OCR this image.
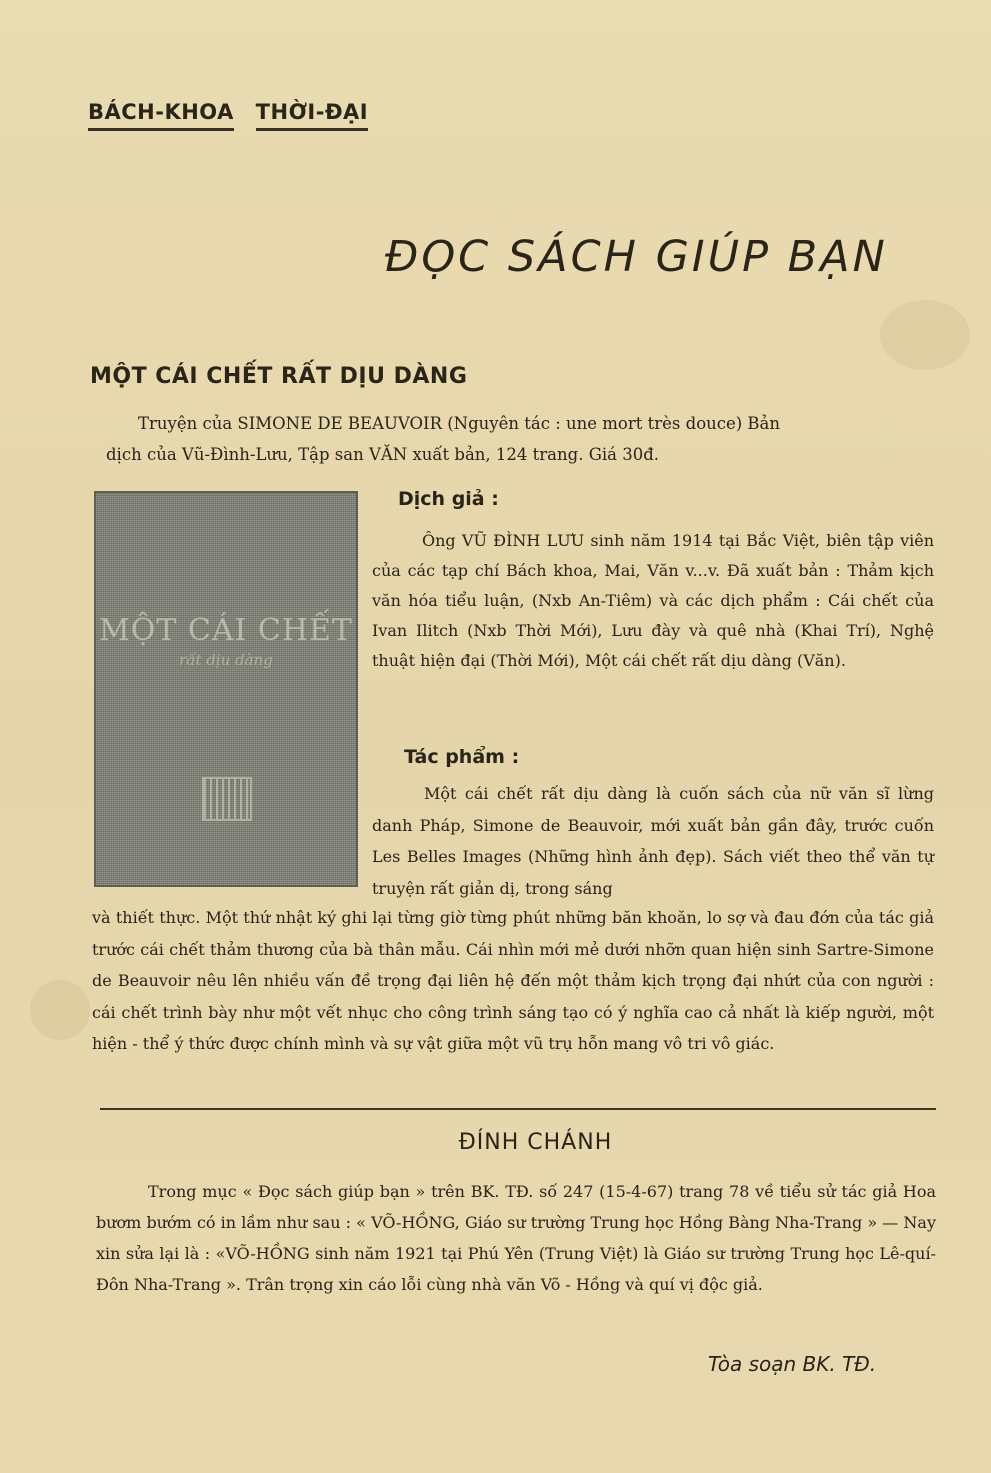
BÁCH-KHOA THỜI-ĐẠI
ĐỌC SÁCH GIÚP BẠN
MỘT CÁI CHẾT RẤT DỊU DÀNG
Truyện của SIMONE DE BEAUVOIR (Nguyên tác : une mort très douce) Bản
dịch của Vũ-Đình-Lưu, Tập san VĂN xuất bản, 124 trang. Giá 30đ.
MỘT CÁI CHẾT
rất dịu dàng
Dịch giả :

Ông VŨ ĐÌNH LƯU sinh năm 1914 tại Bắc Việt, biên tập viên của các tạp chí Bách khoa, Mai, Văn v...v. Đã xuất bản : Thảm kịch văn hóa tiểu luận, (Nxb An-Tiêm) và các dịch phẩm : Cái chết của Ivan Ilitch (Nxb Thời Mới), Lưu đày và quê nhà (Khai Trí), Nghệ thuật hiện đại (Thời Mới), Một cái chết rất dịu dàng (Văn).

Tác phẩm :

Một cái chết rất dịu dàng là cuốn sách của nữ văn sĩ lừng danh Pháp, Simone de Beauvoir, mới xuất bản gần đây, trước cuốn Les Belles Images (Những hình ảnh đẹp). Sách viết theo thể văn tự truyện rất giản dị, trong sáng

và thiết thực. Một thứ nhật ký ghi lại từng giờ từng phút những băn khoăn, lo sợ và đau đớn của tác giả trước cái chết thảm thương của bà thân mẫu. Cái nhìn mới mẻ dưới nhỡn quan hiện sinh Sartre-Simone de Beauvoir nêu lên nhiều vấn đề trọng đại liên hệ đến một thảm kịch trọng đại nhứt của con người : cái chết trình bày như một vết nhục cho công trình sáng tạo có ý nghĩa cao cả nhất là kiếp người, một hiện - thể ý thức được chính mình và sự vật giữa một vũ trụ hỗn mang vô tri vô giác.

ĐÍNH CHÁNH

Trong mục « Đọc sách giúp bạn » trên BK. TĐ. số 247 (15-4-67) trang 78 về tiểu sử tác giả Hoa bươm bướm có in lầm như sau : « VÕ-HỒNG, Giáo sư trường Trung học Hồng Bàng Nha-Trang » — Nay xin sửa lại là : «VÕ-HỒNG sinh năm 1921 tại Phú Yên (Trung Việt) là Giáo sư trường Trung học Lê-quí-Đôn Nha-Trang ». Trân trọng xin cáo lỗi cùng nhà văn Võ - Hồng và quí vị độc giả.

Tòa soạn BK. TĐ.
